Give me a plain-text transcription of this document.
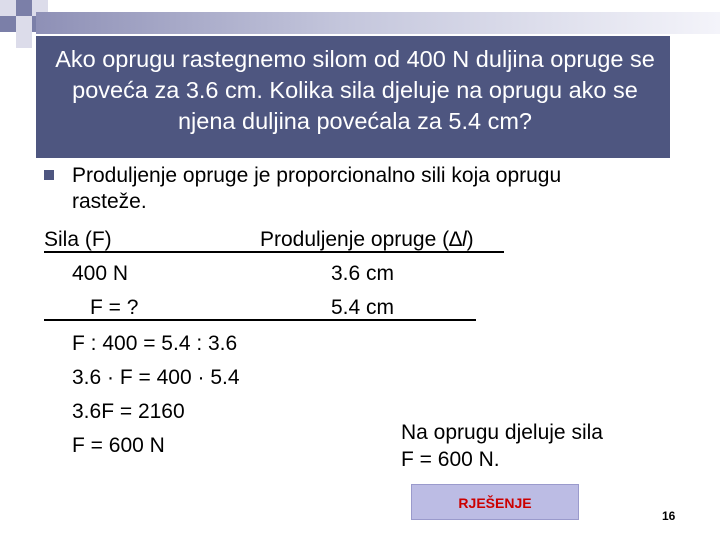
Ako oprugu rastegnemo silom od 400 N duljina opruge se poveća za 3.6 cm. Kolika sila djeluje na oprugu ako se njena duljina povećala za 5.4 cm?
Produljenje opruge je proporcionalno sili koja oprugu
rasteže.
Sila (F)	Produljenje opruge (∆l)
400 N	3.6 cm
F = ?	5.4 cm
F : 400 = 5.4 : 3.6
3.6 · F = 400 · 5.4
3.6F = 2160
F = 600 N
Na oprugu djeluje sila
F = 600 N.
RJEŠENJE
16
